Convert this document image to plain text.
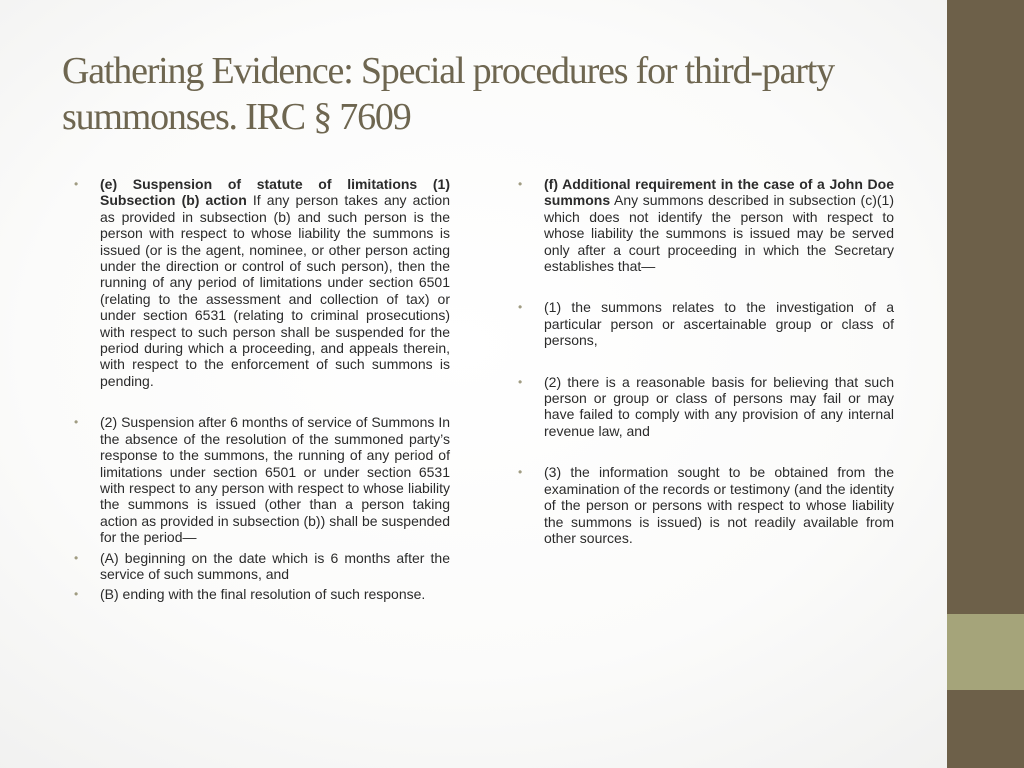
Gathering Evidence: Special procedures for third-party summonses. IRC § 7609
• (e) Suspension of statute of limitations (1) Subsection (b) action If any person takes any action as provided in subsection (b) and such person is the person with respect to whose liability the summons is issued (or is the agent, nominee, or other person acting under the direction or control of such person), then the running of any period of limitations under section 6501 (relating to the assessment and collection of tax) or under section 6531 (relating to criminal prosecutions) with respect to such person shall be suspended for the period during which a proceeding, and appeals therein, with respect to the enforcement of such summons is pending.
• (2) Suspension after 6 months of service of Summons In the absence of the resolution of the summoned party’s response to the summons, the running of any period of limitations under section 6501 or under section 6531 with respect to any person with respect to whose liability the summons is issued (other than a person taking action as provided in subsection (b)) shall be suspended for the period—
• (A) beginning on the date which is 6 months after the service of such summons, and
• (B) ending with the final resolution of such response.
• (f) Additional requirement in the case of a John Doe summons Any summons described in subsection (c)(1) which does not identify the person with respect to whose liability the summons is issued may be served only after a court proceeding in which the Secretary establishes that—
• (1) the summons relates to the investigation of a particular person or ascertainable group or class of persons,
• (2) there is a reasonable basis for believing that such person or group or class of persons may fail or may have failed to comply with any provision of any internal revenue law, and
• (3) the information sought to be obtained from the examination of the records or testimony (and the identity of the person or persons with respect to whose liability the summons is issued) is not readily available from other sources.
